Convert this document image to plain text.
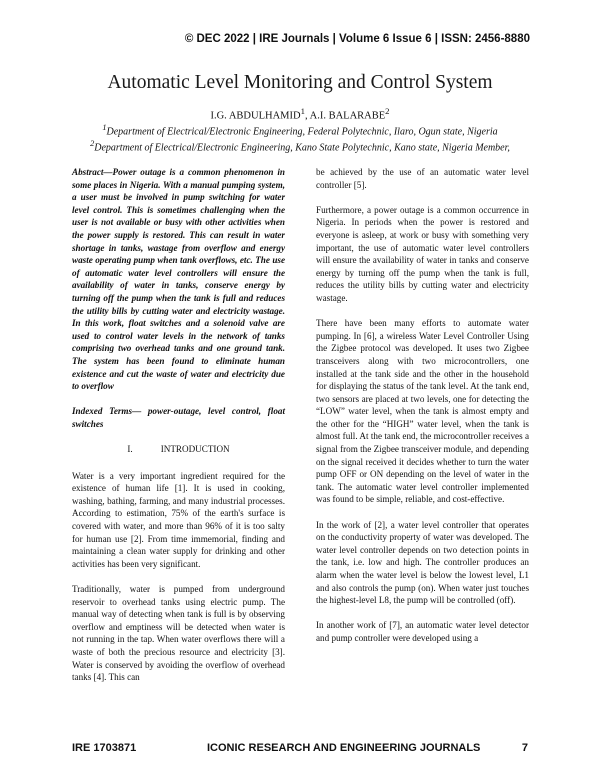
© DEC 2022 | IRE Journals | Volume 6 Issue 6 | ISSN: 2456-8880
Automatic Level Monitoring and Control System
I.G. ABDULHAMID$^1$, A.I. BALARABE$^2$
$^1$Department of Electrical/Electronic Engineering, Federal Polytechnic, Ilaro, Ogun state, Nigeria
$^2$Department of Electrical/Electronic Engineering, Kano State Polytechnic, Kano state, Nigeria Member,

Abstract—Power outage is a common phenomenon in some places in Nigeria. With a manual pumping system, a user must be involved in pump switching for water level control. This is sometimes challenging when the user is not available or busy with other activities when the power supply is restored. This can result in water shortage in tanks, wastage from overflow and energy waste operating pump when tank overflows, etc. The use of automatic water level controllers will ensure the availability of water in tanks, conserve energy by turning off the pump when the tank is full and reduces the utility bills by cutting water and electricity wastage. In this work, float switches and a solenoid valve are used to control water levels in the network of tanks comprising two overhead tanks and one ground tank. The system has been found to eliminate human existence and cut the waste of water and electricity due to overflow

Indexed Terms— power-outage, level control, float switches

I.	INTRODUCTION

Water is a very important ingredient required for the existence of human life [1]. It is used in cooking, washing, bathing, farming, and many industrial processes. According to estimation, 75% of the earth's surface is covered with water, and more than 96% of it is too salty for human use [2]. From time immemorial, finding and maintaining a clean water supply for drinking and other activities has been very significant.

Traditionally, water is pumped from underground reservoir to overhead tanks using electric pump. The manual way of detecting when tank is full is by observing overflow and emptiness will be detected when water is not running in the tap. When water overflows there will a waste of both the precious resource and electricity [3]. Water is conserved by avoiding the overflow of overhead tanks [4]. This can

be achieved by the use of an automatic water level controller [5].

Furthermore, a power outage is a common occurrence in Nigeria. In periods when the power is restored and everyone is asleep, at work or busy with something very important, the use of automatic water level controllers will ensure the availability of water in tanks and conserve energy by turning off the pump when the tank is full, reduces the utility bills by cutting water and electricity wastage.

There have been many efforts to automate water pumping. In [6], a wireless Water Level Controller Using the Zigbee protocol was developed. It uses two Zigbee transceivers along with two microcontrollers, one installed at the tank side and the other in the household for displaying the status of the tank level. At the tank end, two sensors are placed at two levels, one for detecting the “LOW” water level, when the tank is almost empty and the other for the “HIGH” water level, when the tank is almost full. At the tank end, the microcontroller receives a signal from the Zigbee transceiver module, and depending on the signal received it decides whether to turn the water pump OFF or ON depending on the level of water in the tank. The automatic water level controller implemented was found to be simple, reliable, and cost-effective.

In the work of [2], a water level controller that operates on the conductivity property of water was developed. The water level controller depends on two detection points in the tank, i.e. low and high. The controller produces an alarm when the water level is below the lowest level, L1 and also controls the pump (on). When water just touches the highest-level L8, the pump will be controlled (off).

In another work of [7], an automatic water level detector and pump controller were developed using a

IRE 1703871	ICONIC RESEARCH AND ENGINEERING JOURNALS	7
